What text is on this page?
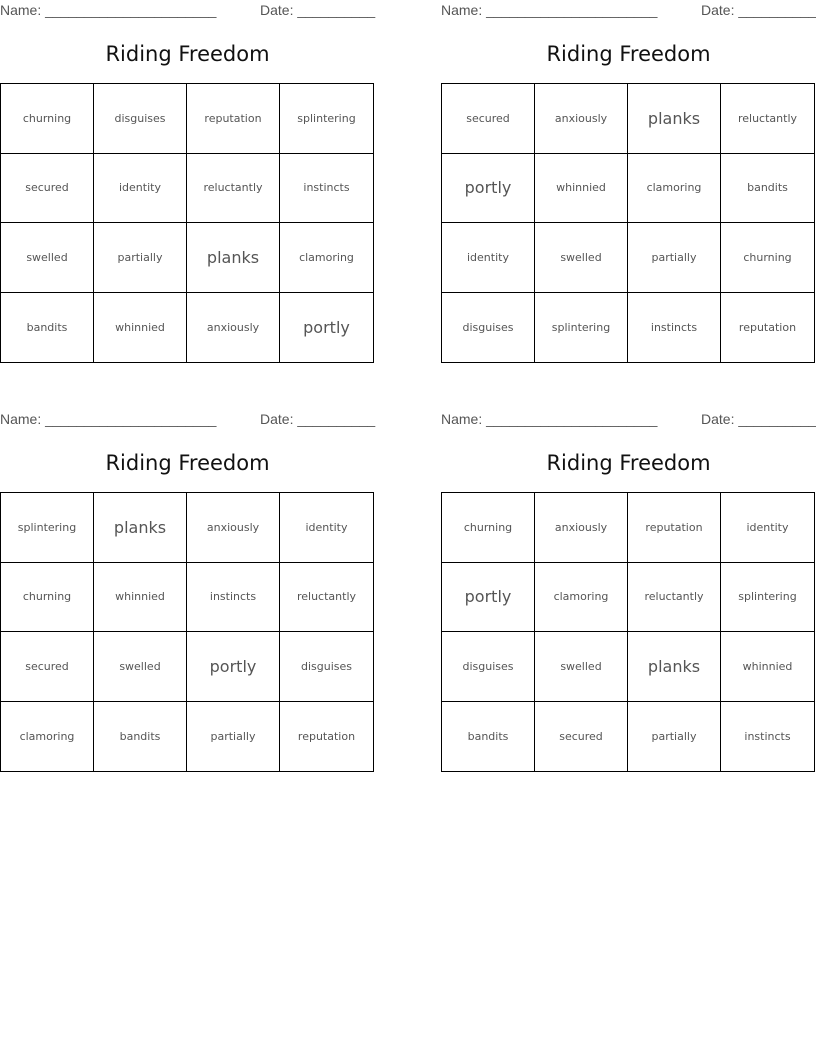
Name: ______________________	Date: __________
Riding Freedom
churning	disguises	reputation	splintering
secured	identity	reluctantly	instincts
swelled	partially	planks	clamoring
bandits	whinnied	anxiously	portly
Name: ______________________	Date: __________
Riding Freedom
secured	anxiously	planks	reluctantly
portly	whinnied	clamoring	bandits
identity	swelled	partially	churning
disguises	splintering	instincts	reputation
Name: ______________________	Date: __________
Riding Freedom
splintering	planks	anxiously	identity
churning	whinnied	instincts	reluctantly
secured	swelled	portly	disguises
clamoring	bandits	partially	reputation
Name: ______________________	Date: __________
Riding Freedom
churning	anxiously	reputation	identity
portly	clamoring	reluctantly	splintering
disguises	swelled	planks	whinnied
bandits	secured	partially	instincts
